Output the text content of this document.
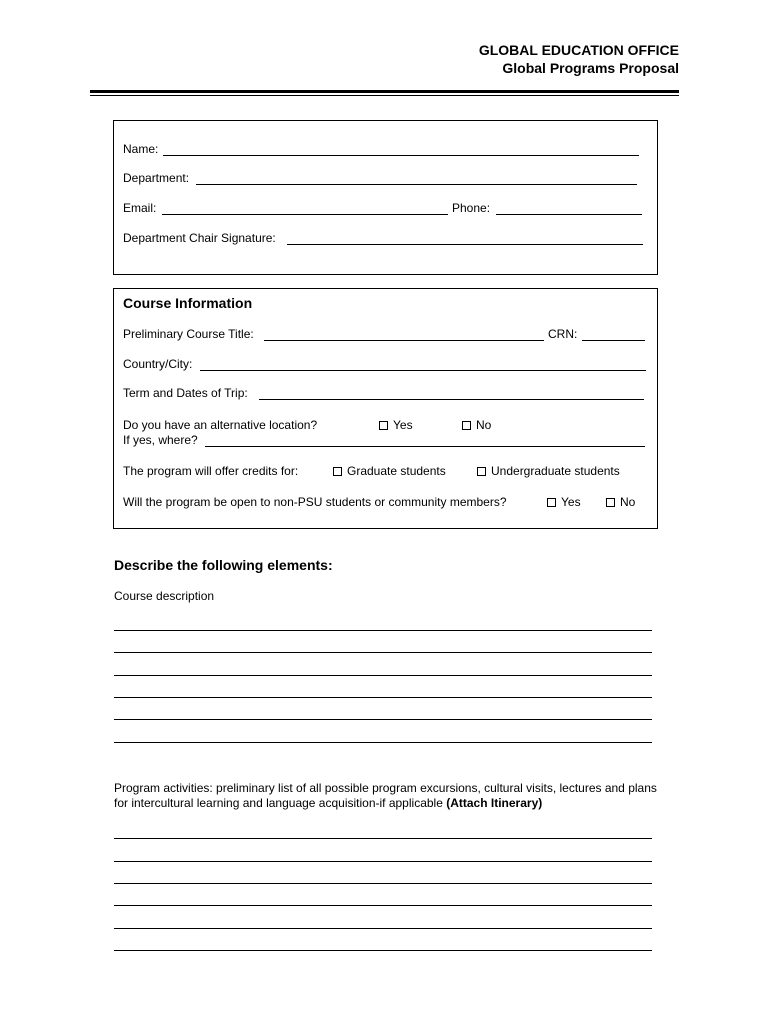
GLOBAL EDUCATION OFFICE
Global Programs Proposal
Name:
Department:
Email:	Phone:
Department Chair Signature:
Course Information
Preliminary Course Title:	CRN:
Country/City:
Term and Dates of Trip:
Do you have an alternative location?	Yes	No
If yes, where?
The program will offer credits for:	Graduate students	Undergraduate students
Will the program be open to non-PSU students or community members?	Yes	No
Describe the following elements:
Course description
Program activities: preliminary list of all possible program excursions, cultural visits, lectures and plans for intercultural learning and language acquisition-if applicable (Attach Itinerary)
